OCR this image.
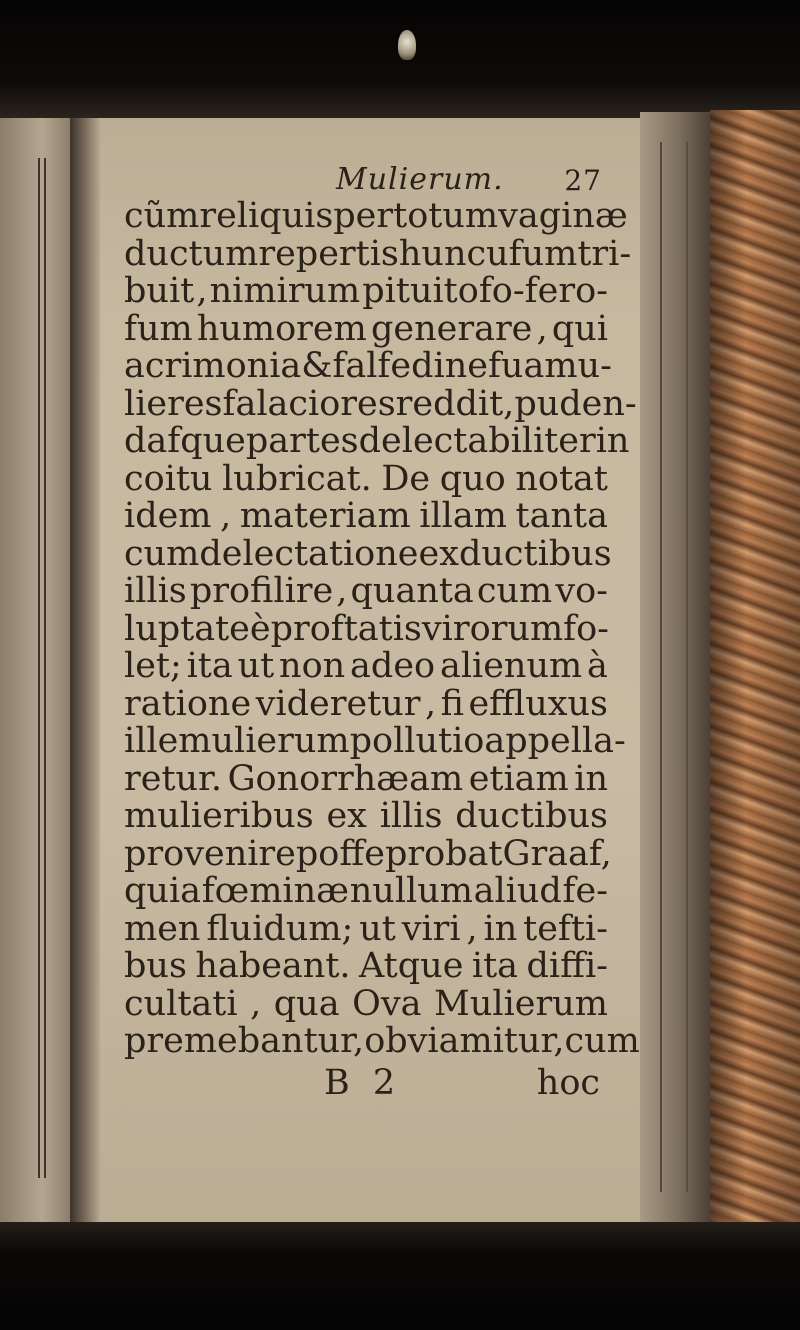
Mulierum. 27
cũm reliquis per totum vaginæ
ductum repertis hunc ufum tri-
buit , nimirum pituitofo-fero-
fum humorem generare , qui
acrimonia & falfedine fua mu-
lieres falaciores reddit, puden-
dafque partes delectabiliter in
coitu lubricat. De quo notat
idem , materiam illam tanta
cum delectatione ex ductibus
illis profilire , quanta cum vo-
luptate è proftatis virorum fo-
let; ita ut non adeo alienum à
ratione videretur , fi effluxus
ille mulierum pollutio appella-
retur. Gonorrhæam etiam in
mulieribus ex illis ductibus
provenire poffe probat Graaf,
quia fœminæ nullum aliud fe-
men fluidum; ut viri , in tefti-
bus habeant. Atque ita diffi-
cultati , qua Ova Mulierum
premebantur, obviam itur, cum
B 2	hoc
